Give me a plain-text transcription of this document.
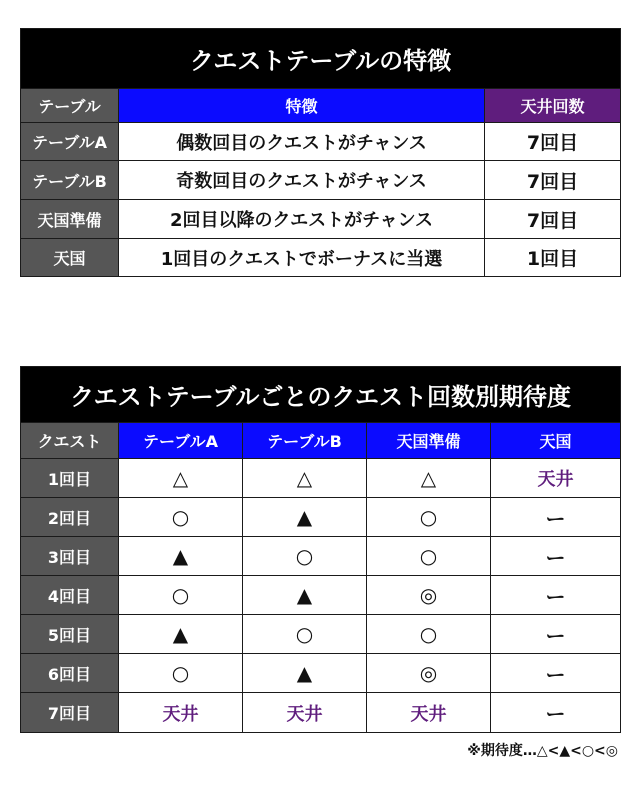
クエストテーブルの特徴		
テーブル	特徴	天井回数
テーブルA	偶数回目のクエストがチャンス	7回目
テーブルB	奇数回目のクエストがチャンス	7回目
天国準備	2回目以降のクエストがチャンス	7回目
天国	1回目のクエストでボーナスに当選	1回目
クエストテーブルごとのクエスト回数別期待度				
クエスト	テーブルA	テーブルB	天国準備	天国
1回目	△	△	△	天井
2回目	○	▲	○	ー
3回目	▲	○	○	ー
4回目	○	▲	◎	ー
5回目	▲	○	○	ー
6回目	○	▲	◎	ー
7回目	天井	天井	天井	ー
※期待度…△<▲<○<◎
